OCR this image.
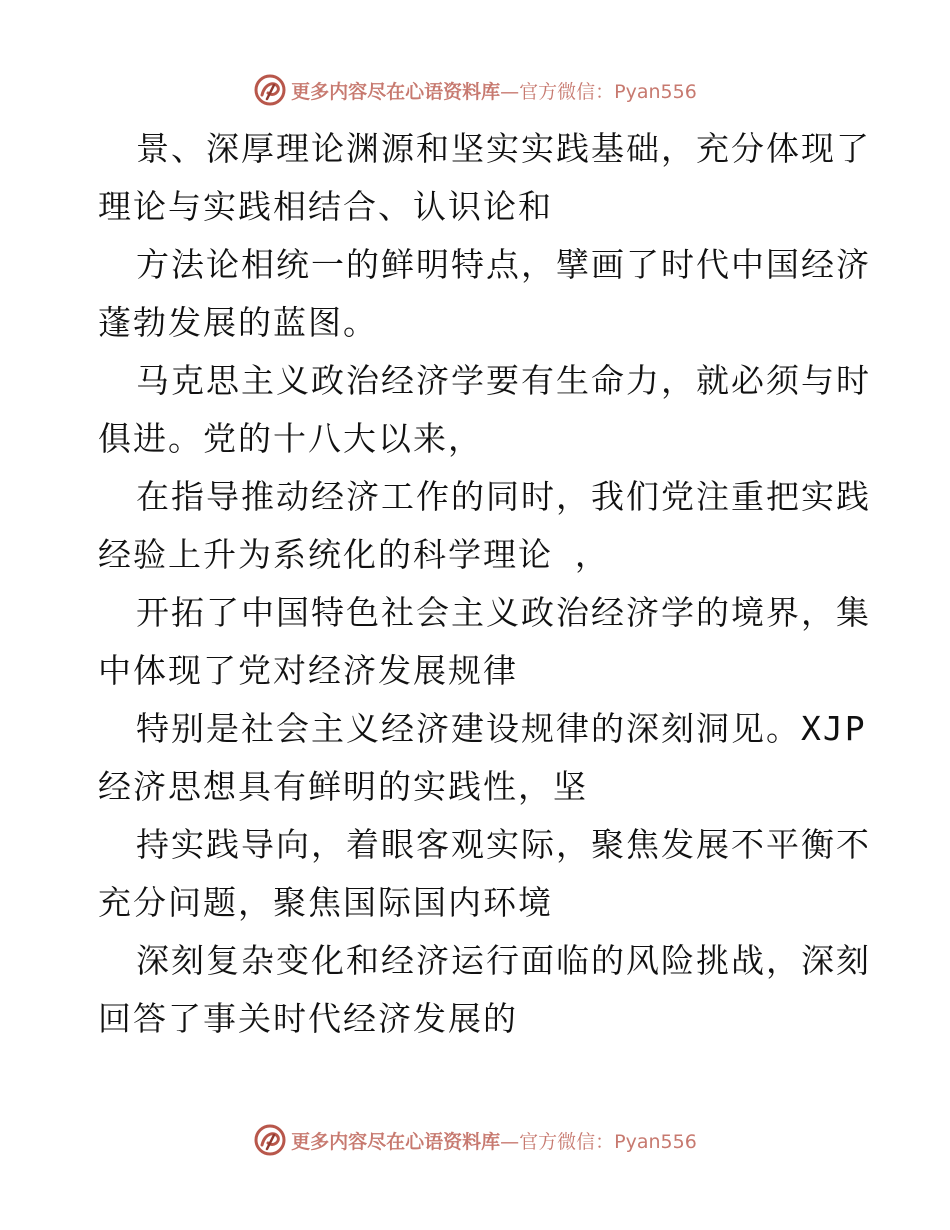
更多内容尽在心语资料库 —官方微信：Pyan556
景、深厚理论渊源和坚实实践基础，充分体现了
理论与实践相结合、认识论和
方法论相统一的鲜明特点，擘画了时代中国经济
蓬勃发展的蓝图。
马克思主义政治经济学要有生命力，就必须与时
俱进。党的十八大以来，
在指导推动经济工作的同时，我们党注重把实践
经验上升为系统化的科学理论 ，
开拓了中国特色社会主义政治经济学的境界，集
中体现了党对经济发展规律
特别是社会主义经济建设规律的深刻洞见。XJP
经济思想具有鲜明的实践性，坚
持实践导向，着眼客观实际，聚焦发展不平衡不
充分问题，聚焦国际国内环境
深刻复杂变化和经济运行面临的风险挑战，深刻
回答了事关时代经济发展的
更多内容尽在心语资料库 —官方微信：Pyan556
